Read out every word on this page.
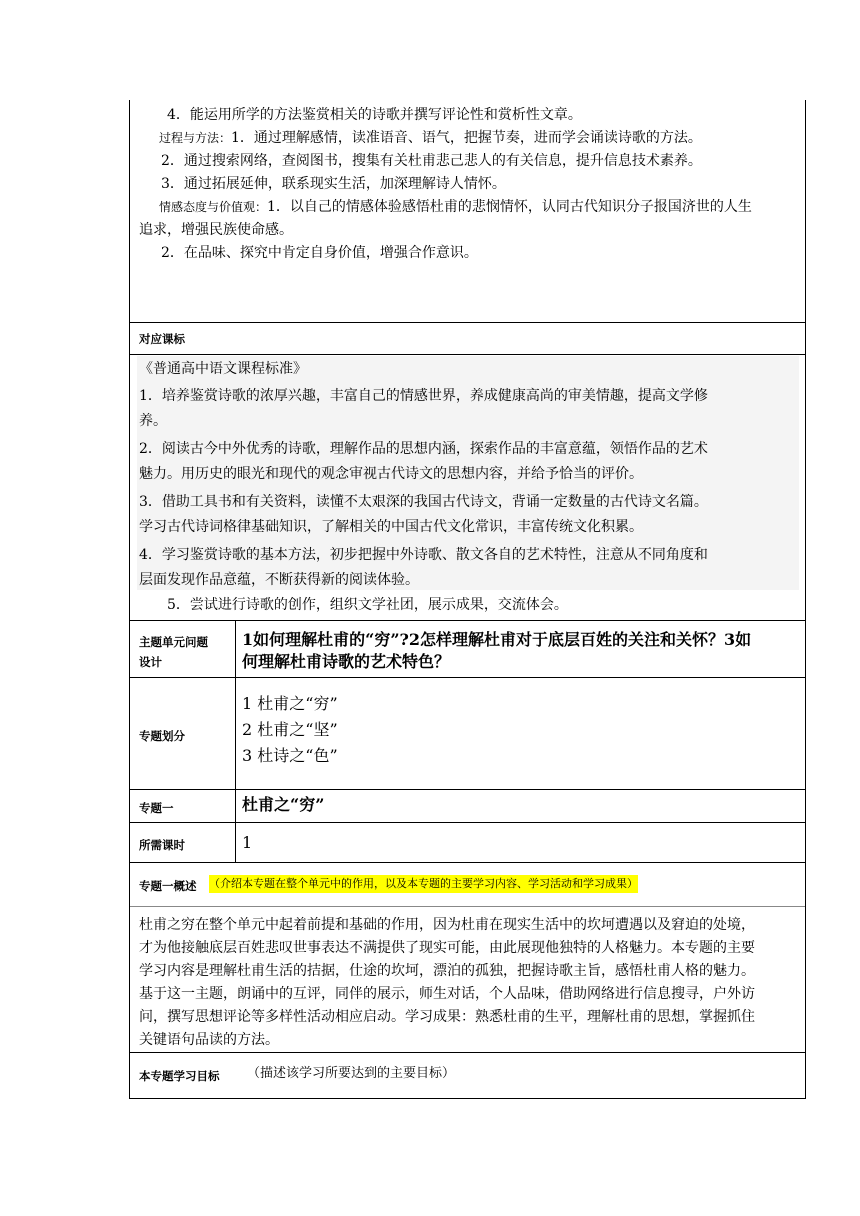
4．能运用所学的方法鉴赏相关的诗歌并撰写评论性和赏析性文章。

过程与方法：1．通过理解感情，读准语音、语气，把握节奏，进而学会诵读诗歌的方法。

2．通过搜索网络，查阅图书，搜集有关杜甫悲己悲人的有关信息，提升信息技术素养。

3．通过拓展延伸，联系现实生活，加深理解诗人情怀。

情感态度与价值观：1．以自己的情感体验感悟杜甫的悲悯情怀，认同古代知识分子报国济世的人生

追求，增强民族使命感。

2．在品味、探究中肯定自身价值，增强合作意识。

对应课标

《普通高中语文课程标准》

1．培养鉴赏诗歌的浓厚兴趣，丰富自己的情感世界，养成健康高尚的审美情趣，提高文学修

养。

2．阅读古今中外优秀的诗歌，理解作品的思想内涵，探索作品的丰富意蕴，领悟作品的艺术

魅力。用历史的眼光和现代的观念审视古代诗文的思想内容，并给予恰当的评价。

3．借助工具书和有关资料，读懂不太艰深的我国古代诗文，背诵一定数量的古代诗文名篇。

学习古代诗词格律基础知识，了解相关的中国古代文化常识，丰富传统文化积累。

4．学习鉴赏诗歌的基本方法，初步把握中外诗歌、散文各自的艺术特性，注意从不同角度和

层面发现作品意蕴，不断获得新的阅读体验。

5．尝试进行诗歌的创作，组织文学社团，展示成果，交流体会。

主题单元问题
设计

1如何理解杜甫的“穷”?2怎样理解杜甫对于底层百姓的关注和关怀？3如

何理解杜甫诗歌的艺术特色？

专题划分

1 杜甫之“穷”

2 杜甫之“坚”

3 杜诗之“色”

专题一	杜甫之“穷”

所需课时	1

专题一概述 （介绍本专题在整个单元中的作用，以及本专题的主要学习内容、学习活动和学习成果）

杜甫之穷在整个单元中起着前提和基础的作用，因为杜甫在现实生活中的坎坷遭遇以及窘迫的处境，

才为他接触底层百姓悲叹世事表达不满提供了现实可能，由此展现他独特的人格魅力。本专题的主要

学习内容是理解杜甫生活的拮据，仕途的坎坷，漂泊的孤独，把握诗歌主旨，感悟杜甫人格的魅力。

基于这一主题，朗诵中的互评，同伴的展示，师生对话，个人品味，借助网络进行信息搜寻，户外访

问，撰写思想评论等多样性活动相应启动。学习成果：熟悉杜甫的生平，理解杜甫的思想，掌握抓住

关键语句品读的方法。

本专题学习目标 （描述该学习所要达到的主要目标）
